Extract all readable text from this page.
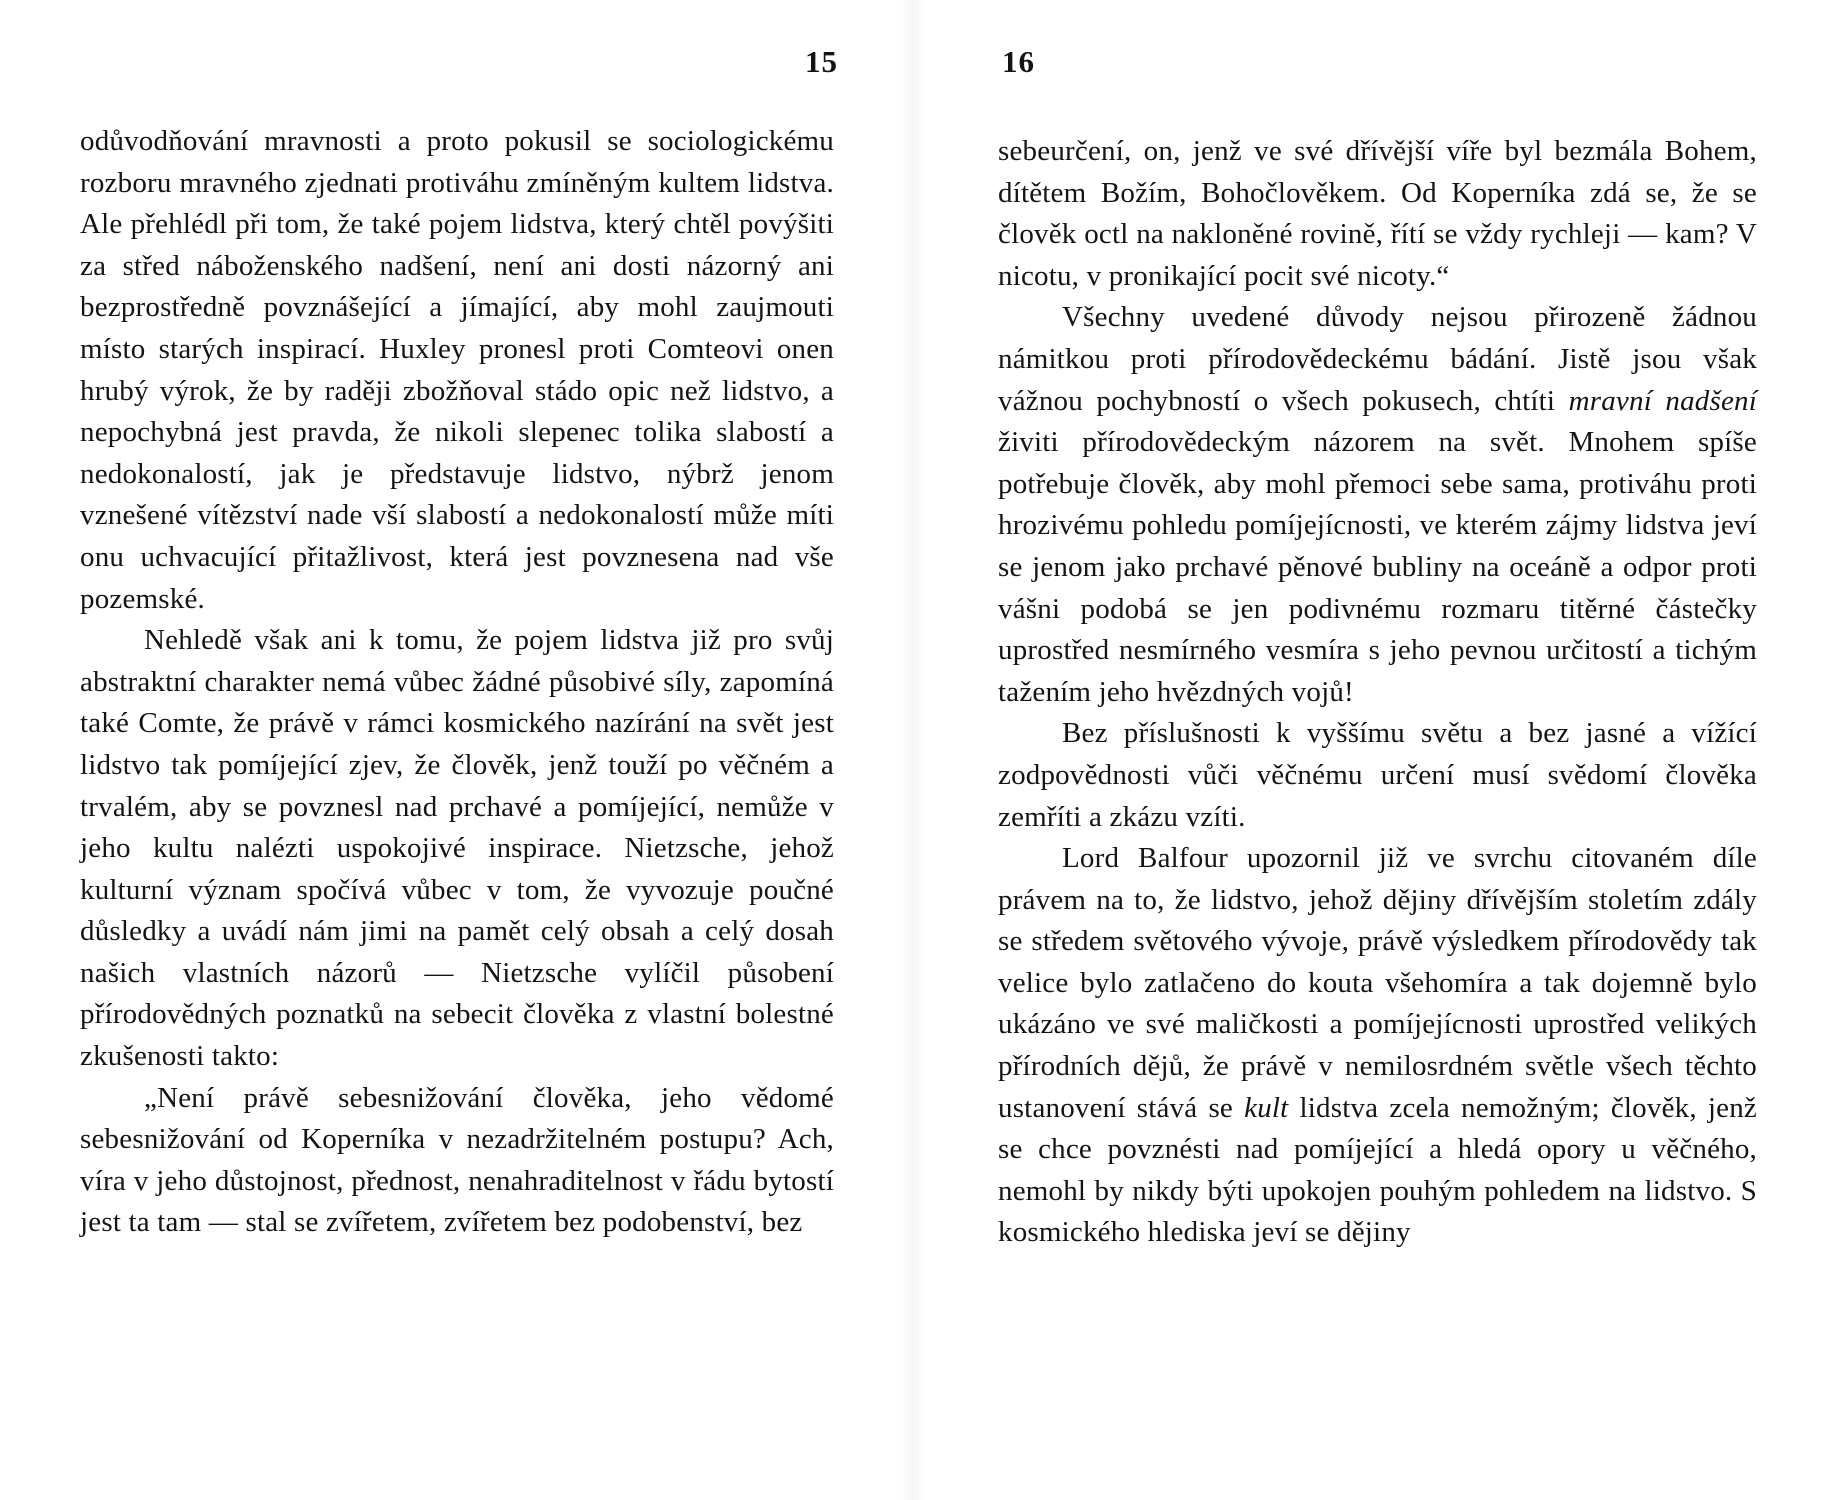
15

odůvodňování mravnosti a proto pokusil se sociologickému rozboru mravného zjednati protiváhu zmíněným kultem lidstva. Ale přehlédl při tom, že také pojem lidstva, který chtěl povýšiti za střed náboženského nadšení, není ani dosti názorný ani bezprostředně povznášející a jímající, aby mohl zaujmouti místo starých inspirací. Huxley pronesl proti Comteovi onen hrubý výrok, že by raději zbožňoval stádo opic než lidstvo, a nepochybná jest pravda, že nikoli slepenec tolika slabostí a nedokonalostí, jak je představuje lidstvo, nýbrž jenom vznešené vítězství nade vší slabostí a nedokonalostí může míti onu uchvacující přitažlivost, která jest povznesena nad vše pozemské.

Nehledě však ani k tomu, že pojem lidstva již pro svůj abstraktní charakter nemá vůbec žádné působivé síly, zapomíná také Comte, že právě v rámci kosmického nazírání na svět jest lidstvo tak pomíjející zjev, že člověk, jenž touží po věčném a trvalém, aby se povznesl nad prchavé a pomíjející, nemůže v jeho kultu nalézti uspokojivé inspirace. Nietzsche, jehož kulturní význam spočívá vůbec v tom, že vyvozuje poučné důsledky a uvádí nám jimi na pamět celý obsah a celý dosah našich vlastních názorů — Nietzsche vylíčil působení přírodovědných poznatků na sebecit člověka z vlastní bolestné zkušenosti takto:

„Není právě sebesnižování člověka, jeho vědomé sebesnižování od Koperníka v nezadržitelném postupu? Ach, víra v jeho důstojnost, přednost, nenahraditelnost v řádu bytostí jest ta tam — stal se zvířetem, zvířetem bez podobenství, bez

16

sebeurčení, on, jenž ve své dřívější víře byl bezmála Bohem, dítětem Božím, Bohočlověkem. Od Koperníka zdá se, že se člověk octl na nakloněné rovině, řítí se vždy rychleji — kam? V nicotu, v pronikající pocit své nicoty.“

Všechny uvedené důvody nejsou přirozeně žádnou námitkou proti přírodovědeckému bádání. Jistě jsou však vážnou pochybností o všech pokusech, chtíti mravní nadšení živiti přírodovědeckým názorem na svět. Mnohem spíše potřebuje člověk, aby mohl přemoci sebe sama, protiváhu proti hrozivému pohledu pomíjejícnosti, ve kterém zájmy lidstva jeví se jenom jako prchavé pěnové bubliny na oceáně a odpor proti vášni podobá se jen podivnému rozmaru titěrné částečky uprostřed nesmírného vesmíra s jeho pevnou určitostí a tichým tažením jeho hvězdných vojů!

Bez příslušnosti k vyššímu světu a bez jasné a vížící zodpovědnosti vůči věčnému určení musí svědomí člověka zemříti a zkázu vzíti.

Lord Balfour upozornil již ve svrchu citovaném díle právem na to, že lidstvo, jehož dějiny dřívějším stoletím zdály se středem světového vývoje, právě výsledkem přírodovědy tak velice bylo zatlačeno do kouta všehomíra a tak dojemně bylo ukázáno ve své maličkosti a pomíjejícnosti uprostřed velikých přírodních dějů, že právě v nemilosrdném světle všech těchto ustanovení stává se kult lidstva zcela nemožným; člověk, jenž se chce povznésti nad pomíjející a hledá opory u věčného, nemohl by nikdy býti upokojen pouhým pohledem na lidstvo. S kosmického hlediska jeví se dějiny
